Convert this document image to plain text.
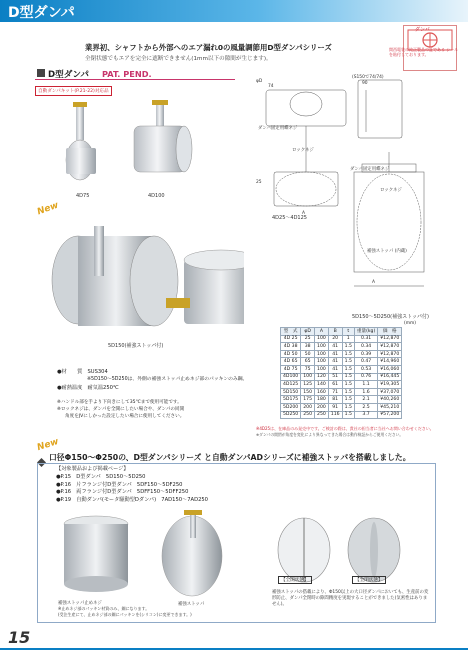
D型ダンパ
ダンパ
関西電装の純正製品の証である シールを貼付しております。
業界初、シャフトから外部へのエア漏れ0の風量調節用D型ダンパシリーズ
全閉状態でもエアを完全に遮断できません(1mm以下の隙間が生じます)。
D型ダンパ PAT. PEND.
自動ダンパキット(P.21-22)対応品
4D75	4D100
New
5D150(補強ストッパ付)
φD
74
(S150で74/74)
90
ダンパ固定用蝶ネジ
ロックネジ
A
25
4D25～4D125
ダンパ固定用蝶ネジ
ロックネジ
補強ストッパ (内蔵)
A
5D150～5D250(補強ストッパ付)
●材　　質　 SUS304
※5D150～5D250は、外側の補強ストッパ止めネジ部のパッキンのみ鋼。
●耐熱温度　 耐気温250℃
※ハンドル部を手より下向きにして35℃まで使用可能です。
※ロックネジは、ダンパを全開にしたい場合や、ダンパの同開
角度をJVにしかった設定したい場合に使用してください。
(mm)
型　式	φD	A	B	t	重量(kg)	価　格
4D 25	25	100	20	1	0.31	¥12,870
4D 38	38	100	41	1.5	0.34	¥12,870
4D 50	50	100	41	1.5	0.39	¥12,870
4D 65	65	100	41	1.5	0.47	¥14,960
4D 75	75	100	41	1.5	0.53	¥16,060
4D100	100	120	51	1.5	0.76	¥16,445
4D125	125	140	61	1.5	1.1	¥19,305
5D150	150	160	71	1.5	1.6	¥37,070
5D175	175	180	81	1.5	2.1	¥40,260
5D200	200	200	91	1.5	2.5	¥45,210
5D250	250	250	116	1.5	3.7	¥57,200
※4D25は、在庫品のみ発売中です。ご検討の際は、貴社の担当者に当社へお問い合わせください。
※ダンパの開閉が角度を変化により異なってきた場合は動作検証からご使用ください。
New
口径Φ150～Φ250の、D型ダンパシリーズ と自動ダンパADシリーズに補強ストッパを搭載しました。
【対象製品および掲載ページ】
●P.15　D型ダンパ　5D150～5D250
●P.16　片フランジ付D型ダンパ　5DF150～5DF250
●P.16　両フランジ付D型ダンパ　5DFF150～5DFF250
●P.19　自動ダンパ(モータ駆動型Dダンパ)　7AD150～7AD250
補強ストッパ止めネジ
※止めネジ部のパッキン材質のみ、鋼になります。
(受注生産にて、止めネジ部の鋼にパッキンを(シリコン)に変更できます。)
補強ストッパ
【全開状態】	【全閉状態】
補強ストッパの搭載により、Φ150以上の大口径ダンパにおいても、生産前の変形防止、ダンパ全閉時の隙間精度を実現することができました(気密性はありません)。
15
